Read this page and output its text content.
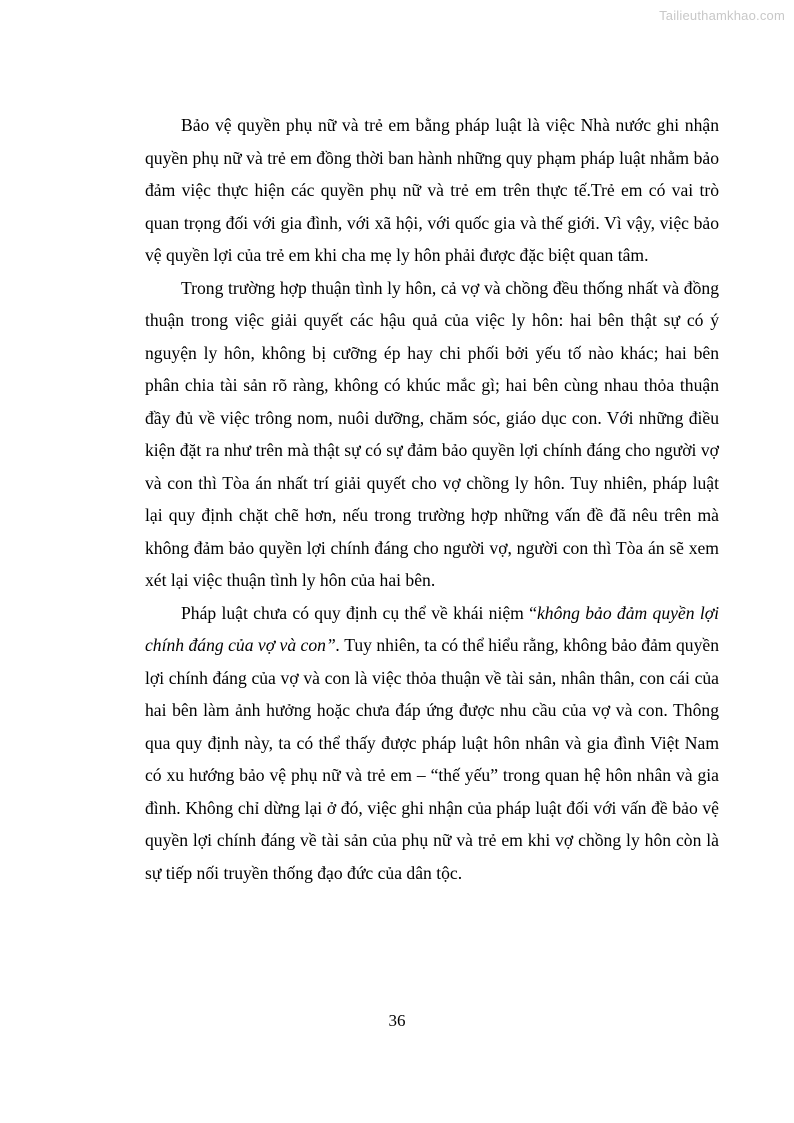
Tailieuthamkhao.com

Bảo vệ quyền phụ nữ và trẻ em bằng pháp luật là việc Nhà nước ghi nhận quyền phụ nữ và trẻ em đồng thời ban hành những quy phạm pháp luật nhằm bảo đảm việc thực hiện các quyền phụ nữ và trẻ em trên thực tế.Trẻ em có vai trò quan trọng đối với gia đình, với xã hội, với quốc gia và thế giới. Vì vậy, việc bảo vệ quyền lợi của trẻ em khi cha mẹ ly hôn phải được đặc biệt quan tâm.

Trong trường hợp thuận tình ly hôn, cả vợ và chồng đều thống nhất và đồng thuận trong việc giải quyết các hậu quả của việc ly hôn: hai bên thật sự có ý nguyện ly hôn, không bị cưỡng ép hay chi phối bởi yếu tố nào khác; hai bên phân chia tài sản rõ ràng, không có khúc mắc gì; hai bên cùng nhau thỏa thuận đầy đủ về việc trông nom, nuôi dưỡng, chăm sóc, giáo dục con. Với những điều kiện đặt ra như trên mà thật sự có sự đảm bảo quyền lợi chính đáng cho người vợ và con thì Tòa án nhất trí giải quyết cho vợ chồng ly hôn. Tuy nhiên, pháp luật lại quy định chặt chẽ hơn, nếu trong trường hợp những vấn đề đã nêu trên mà không đảm bảo quyền lợi chính đáng cho người vợ, người con thì Tòa án sẽ xem xét lại việc thuận tình ly hôn của hai bên.

Pháp luật chưa có quy định cụ thể về khái niệm “không bảo đảm quyền lợi chính đáng của vợ và con”. Tuy nhiên, ta có thể hiểu rằng, không bảo đảm quyền lợi chính đáng của vợ và con là việc thỏa thuận về tài sản, nhân thân, con cái của hai bên làm ảnh hưởng hoặc chưa đáp ứng được nhu cầu của vợ và con. Thông qua quy định này, ta có thể thấy được pháp luật hôn nhân và gia đình Việt Nam có xu hướng bảo vệ phụ nữ và trẻ em – “thế yếu” trong quan hệ hôn nhân và gia đình. Không chỉ dừng lại ở đó, việc ghi nhận của pháp luật đối với vấn đề bảo vệ quyền lợi chính đáng về tài sản của phụ nữ và trẻ em khi vợ chồng ly hôn còn là sự tiếp nối truyền thống đạo đức của dân tộc.

36
